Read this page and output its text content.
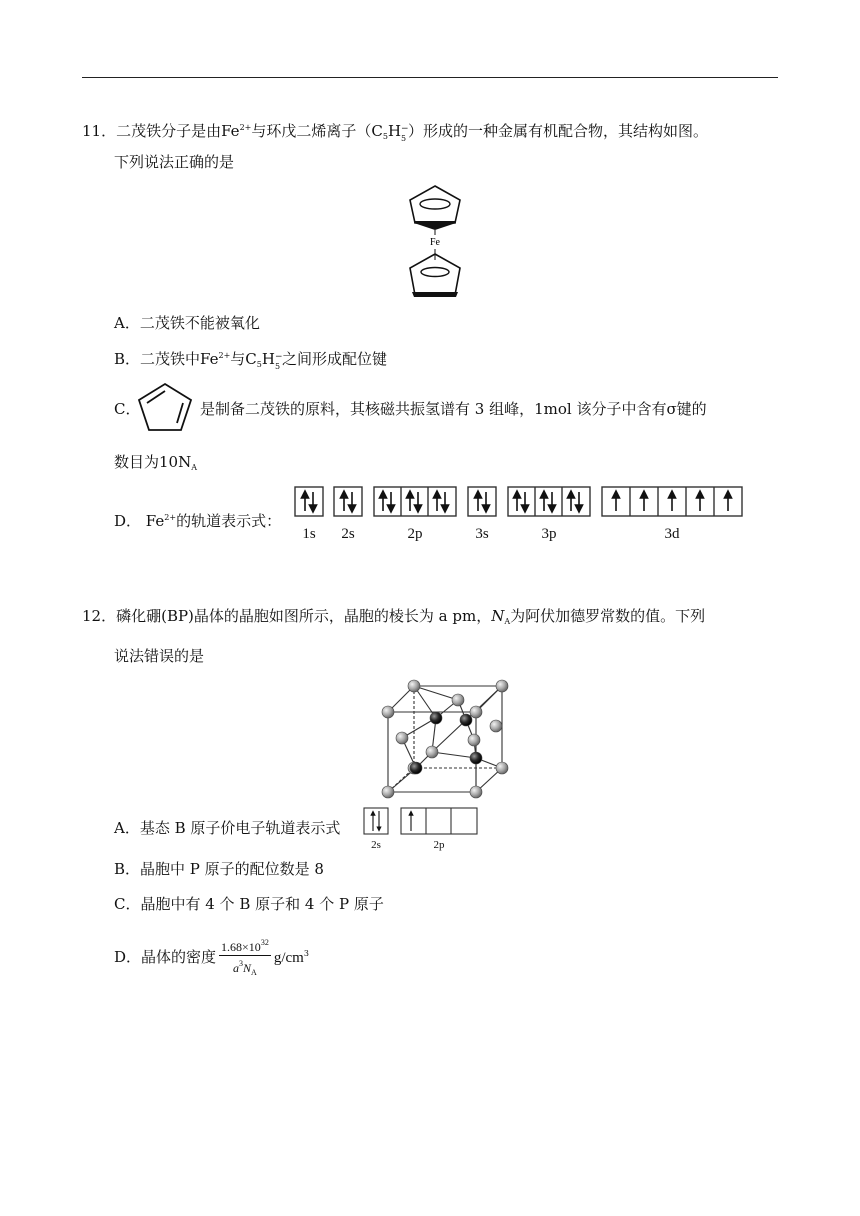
11．二茂铁分子是由$Fe^{2+}$与环戊二烯离子（$C_5H$ −
5 ）形成的一种金属有机配合物，其结构如图。
下列说法正确的是
Fe
A．二茂铁不能被氧化
B．二茂铁中$Fe^{2+}$与$C_5H$ −
5 之间形成配位键
C．	是制备二茂铁的原料，其核磁共振氢谱有 3 组峰，1mol 该分子中含有σ键的
数目为$10N_A$
D． $Fe^{2+}$的轨道表示式：
1s 2s	2p	3s	3p	3d
12．磷化硼(BP)晶体的晶胞如图所示，晶胞的棱长为 a pm，$N_A$为阿伏加德罗常数的值。下列
说法错误的是
A．基态 B 原子价电子轨道表示式
2s	2p
B．晶胞中 P 原子的配位数是 8
C．晶胞中有 4 个 B 原子和 4 个 P 原子
D．晶体的密度 $\frac{1.68\times 10^{32}}{a^3N_A} g/cm^3$
